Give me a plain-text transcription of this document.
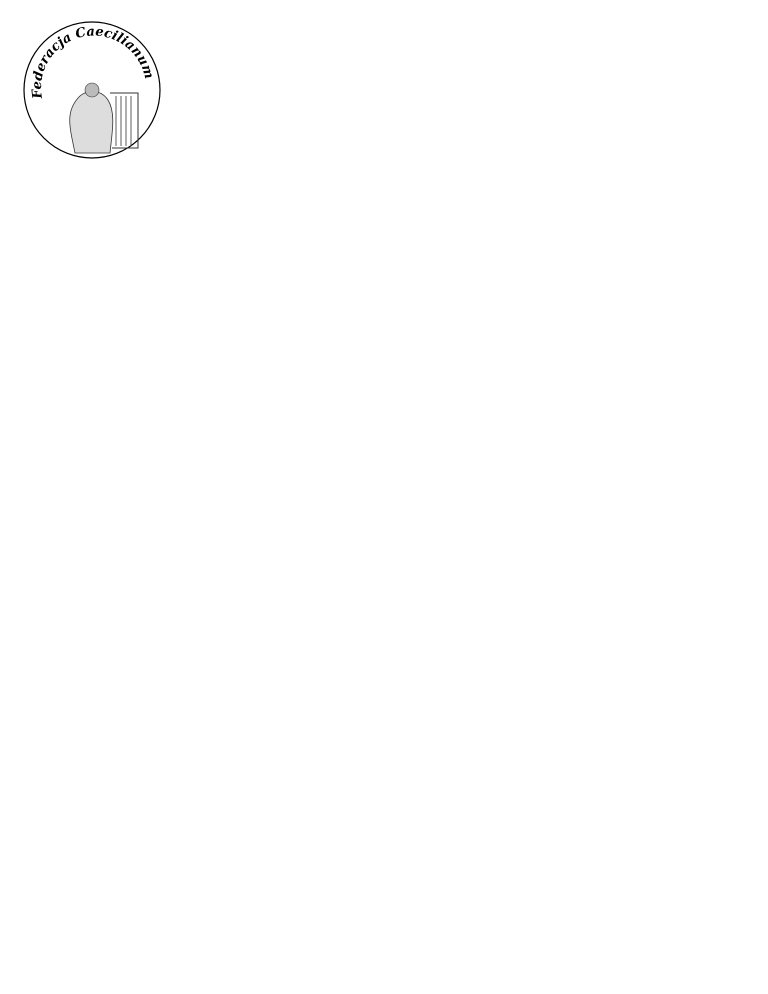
Federacja Caecilianum
